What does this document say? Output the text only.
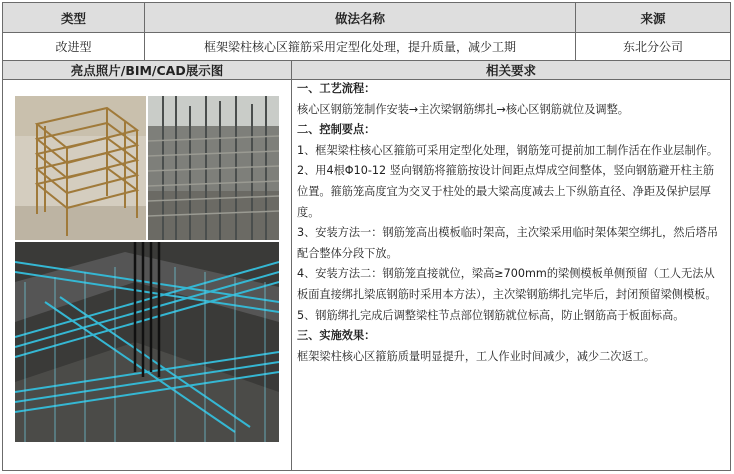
类型	做法名称	来源
改进型	框架梁柱核心区箍筋采用定型化处理，提升质量，减少工期	东北分公司
亮点照片/BIM/CAD展示图	相关要求

一、工艺流程：

核心区钢筋笼制作安装→主次梁钢筋绑扎→核心区钢筋就位及调整。

二、控制要点：

1、框架梁柱核心区箍筋可采用定型化处理，钢筋笼可提前加工制作活在作业层制作。

2、用4根Φ10-12 竖向钢筋将箍筋按设计间距点焊成空间整体，竖向钢筋避开柱主筋位置。箍筋笼高度宜为交叉于柱处的最大梁高度减去上下纵筋直径、净距及保护层厚度。

3、安装方法一：钢筋笼高出模板临时架高，主次梁采用临时架体架空绑扎，然后塔吊配合整体分段下放。

4、安装方法二：钢筋笼直接就位，梁高≥700mm的梁侧模板单侧预留（工人无法从板面直接绑扎梁底钢筋时采用本方法），主次梁钢筋绑扎完毕后，封闭预留梁侧模板。

5、钢筋绑扎完成后调整梁柱节点部位钢筋就位标高，防止钢筋高于板面标高。

三、实施效果：

框架梁柱核心区箍筋质量明显提升，工人作业时间减少，减少二次返工。
